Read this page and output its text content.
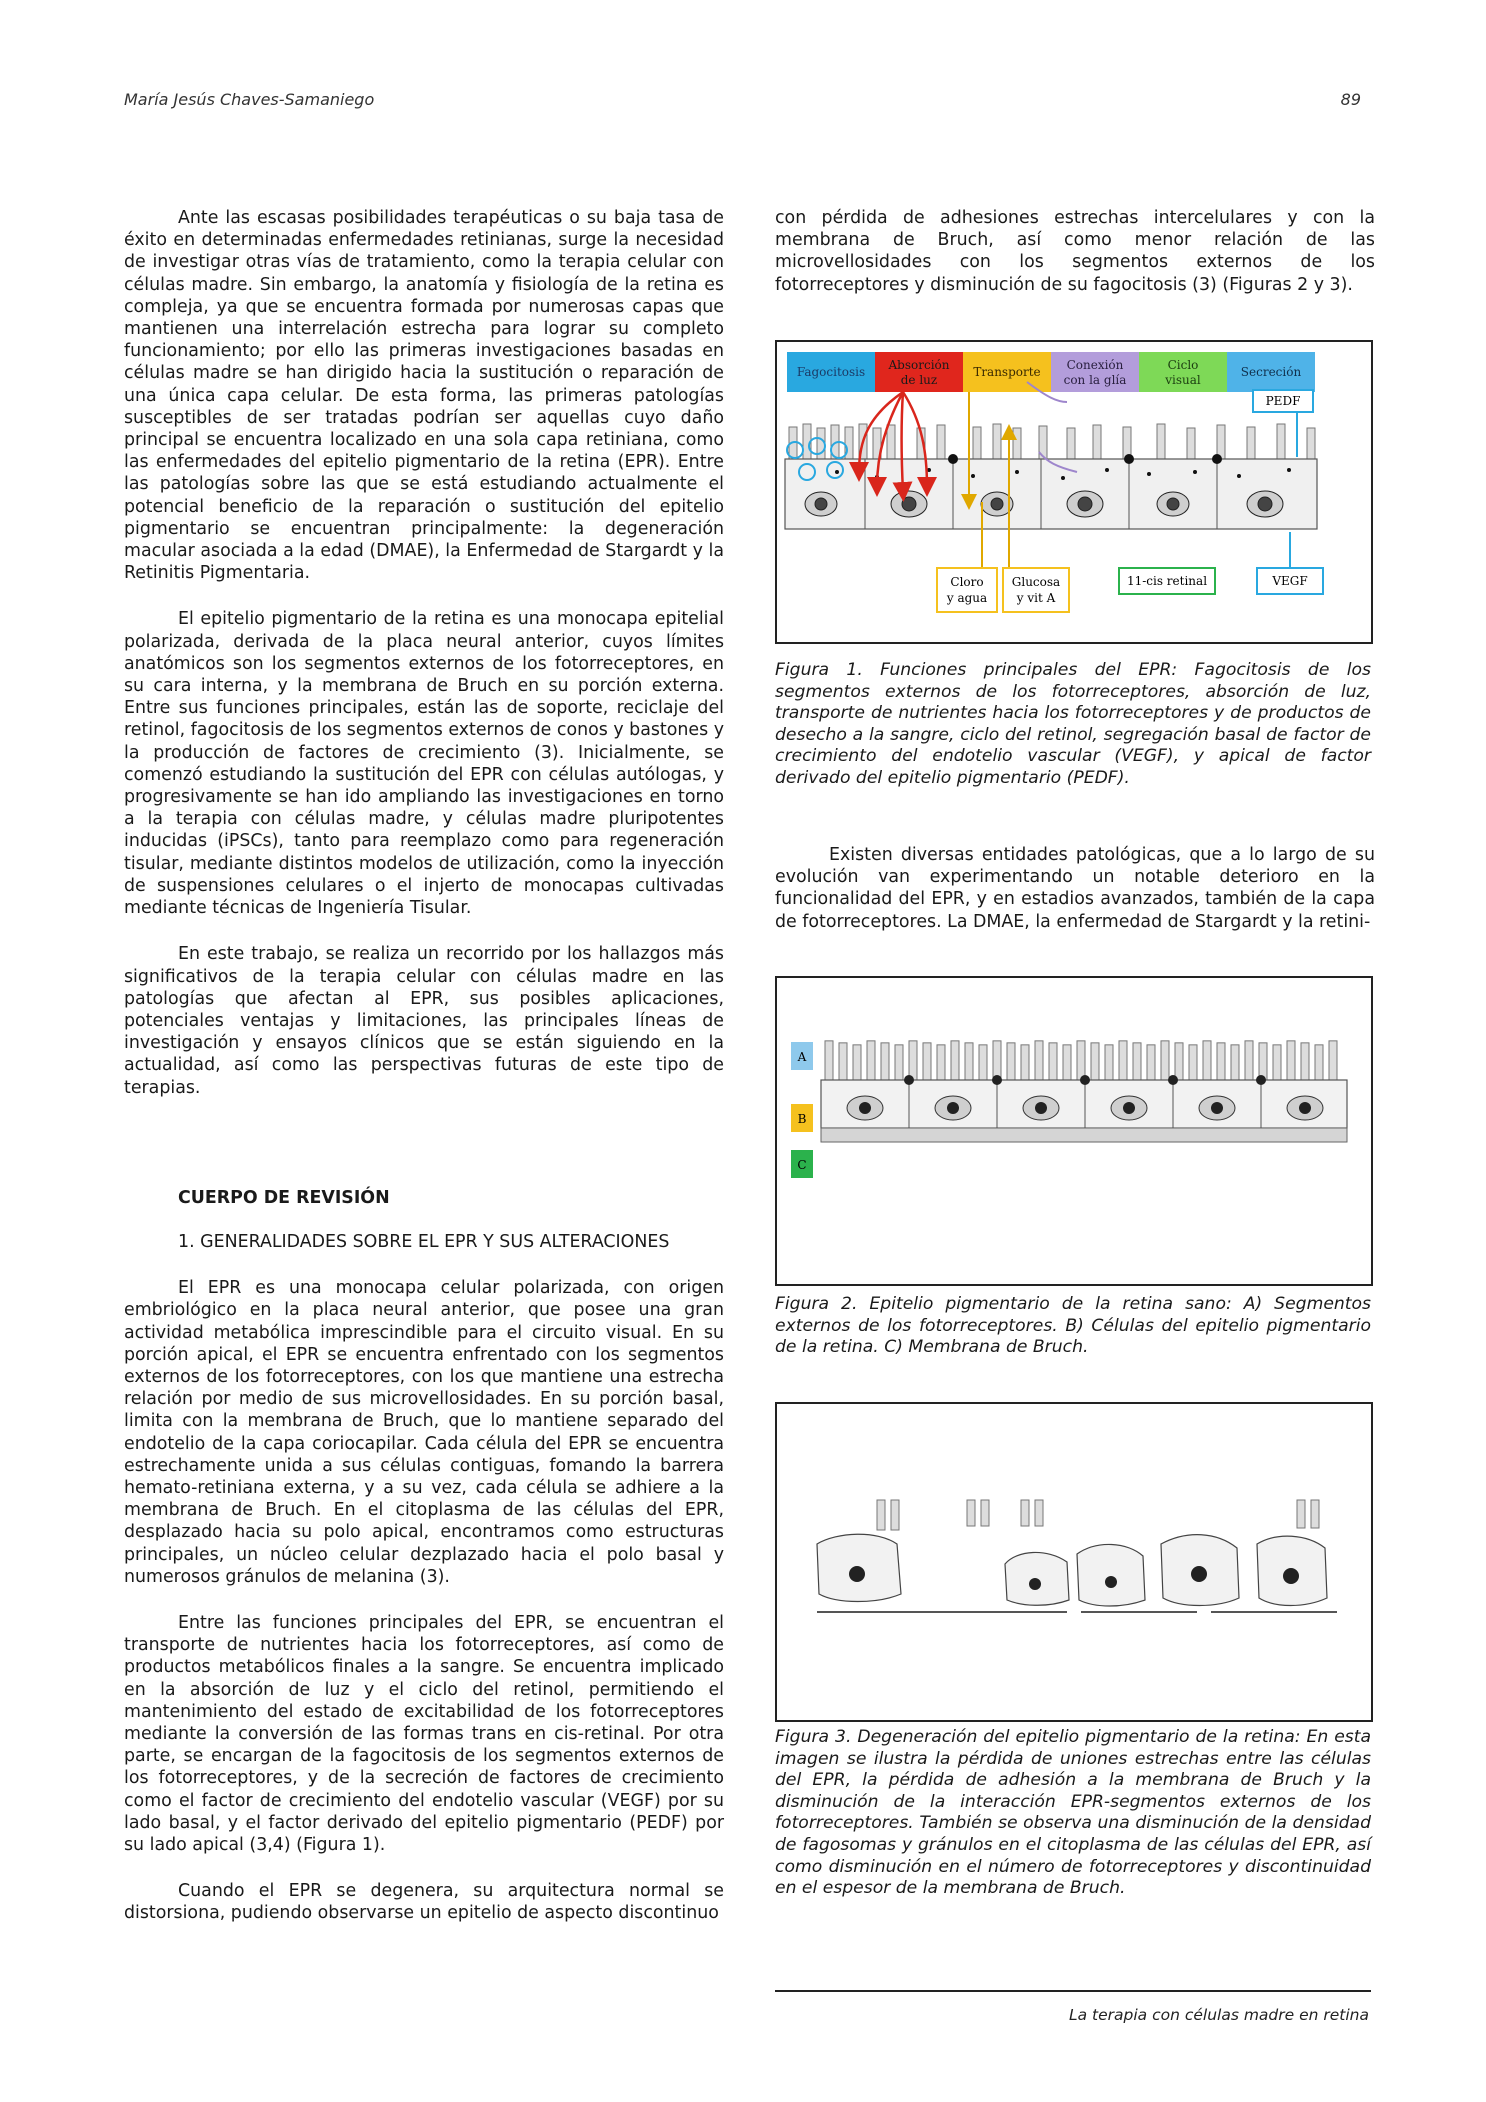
María Jesús Chaves-Samaniego	89

Ante las escasas posibilidades terapéuticas o su baja tasa de éxito en determinadas enfermedades retinianas, surge la necesidad de investigar otras vías de tratamiento, como la terapia celular con células madre. Sin embargo, la anatomía y fisiología de la retina es compleja, ya que se encuentra formada por numerosas capas que mantienen una interrelación estrecha para lograr su completo funcionamiento; por ello las primeras investigaciones basadas en células madre se han dirigido hacia la sustitución o reparación de una única capa celular. De esta forma, las primeras patologías susceptibles de ser tratadas podrían ser aquellas cuyo daño principal se encuentra localizado en una sola capa retiniana, como las enfermedades del epitelio pigmentario de la retina (EPR). Entre las patologías sobre las que se está estudiando actualmente el potencial beneficio de la reparación o sustitución del epitelio pigmentario se encuentran principalmente: la degeneración macular asociada a la edad (DMAE), la Enfermedad de Stargardt y la Retinitis Pigmentaria.

El epitelio pigmentario de la retina es una monocapa epitelial polarizada, derivada de la placa neural anterior, cuyos límites anatómicos son los segmentos externos de los fotorreceptores, en su cara interna, y la membrana de Bruch en su porción externa. Entre sus funciones principales, están las de soporte, reciclaje del retinol, fagocitosis de los segmentos externos de conos y bastones y la producción de factores de crecimiento (3). Inicialmente, se comenzó estudiando la sustitución del EPR con células autólogas, y progresivamente se han ido ampliando las investigaciones en torno a la terapia con células madre, y células madre pluripotentes inducidas (iPSCs), tanto para reemplazo como para regeneración tisular, mediante distintos modelos de utilización, como la inyección de suspensiones celulares o el injerto de monocapas cultivadas mediante técnicas de Ingeniería Tisular.

En este trabajo, se realiza un recorrido por los hallazgos más significativos de la terapia celular con células madre en las patologías que afectan al EPR, sus posibles aplicaciones, potenciales ventajas y limitaciones, las principales líneas de investigación y ensayos clínicos que se están siguiendo en la actualidad, así como las perspectivas futuras de este tipo de terapias.

CUERPO DE REVISIÓN
1. GENERALIDADES SOBRE EL EPR Y SUS ALTERACIONES

El EPR es una monocapa celular polarizada, con origen embriológico en la placa neural anterior, que posee una gran actividad metabólica imprescindible para el circuito visual. En su porción apical, el EPR se encuentra enfrentado con los segmentos externos de los fotorreceptores, con los que mantiene una estrecha relación por medio de sus microvellosidades. En su porción basal, limita con la membrana de Bruch, que lo mantiene separado del endotelio de la capa coriocapilar. Cada célula del EPR se encuentra estrechamente unida a sus células contiguas, fomando la barrera hemato-retiniana externa, y a su vez, cada célula se adhiere a la membrana de Bruch. En el citoplasma de las células del EPR, desplazado hacia su polo apical, encontramos como estructuras principales, un núcleo celular dezplazado hacia el polo basal y numerosos gránulos de melanina (3).

Entre las funciones principales del EPR, se encuentran el transporte de nutrientes hacia los fotorreceptores, así como de productos metabólicos finales a la sangre. Se encuentra implicado en la absorción de luz y el ciclo del retinol, permitiendo el mantenimiento del estado de excitabilidad de los fotorreceptores mediante la conversión de las formas trans en cis-retinal. Por otra parte, se encargan de la fagocitosis de los segmentos externos de los fotorreceptores, y de la secreción de factores de crecimiento como el factor de crecimiento del endotelio vascular (VEGF) por su lado basal, y el factor derivado del epitelio pigmentario (PEDF) por su lado apical (3,4) (Figura 1).

Cuando el EPR se degenera, su arquitectura normal se distorsiona, pudiendo observarse un epitelio de aspecto discontinuo

con pérdida de adhesiones estrechas intercelulares y con la membrana de Bruch, así como menor relación de las microvellosidades con los segmentos externos de los fotorreceptores y disminución de su fagocitosis (3) (Figuras 2 y 3).

Existen diversas entidades patológicas, que a lo largo de su evolución van experimentando un notable deterioro en la funcionalidad del EPR, y en estadios avanzados, también de la capa de fotorreceptores. La DMAE, la enfermedad de Stargardt y la retini-

Fagocitosis Absorción
de luz
Transporte Conexión
con la glía
Ciclo
visual
Secreción
PEDF
Cloro
y agua
Glucosa
y vit A
11-cis retinal	VEGF
Figura 1. Funciones principales del EPR: Fagocitosis de los segmentos externos de los fotorreceptores, absorción de luz, transporte de nutrientes hacia los fotorreceptores y de productos de desecho a la sangre, ciclo del retinol, segregación basal de factor de crecimiento del endotelio vascular (VEGF), y apical de factor derivado del epitelio pigmentario (PEDF).
A
B
C
Figura 2. Epitelio pigmentario de la retina sano: A) Segmentos externos de los fotorreceptores. B) Células del epitelio pigmentario de la retina. C) Membrana de Bruch.
Figura 3. Degeneración del epitelio pigmentario de la retina: En esta imagen se ilustra la pérdida de uniones estrechas entre las células del EPR, la pérdida de adhesión a la membrana de Bruch y la disminución de la interacción EPR-segmentos externos de los fotorreceptores. También se observa una disminución de la densidad de fagosomas y gránulos en el citoplasma de las células del EPR, así como disminución en el número de fotorreceptores y discontinuidad en el espesor de la membrana de Bruch.
La terapia con células madre en retina
